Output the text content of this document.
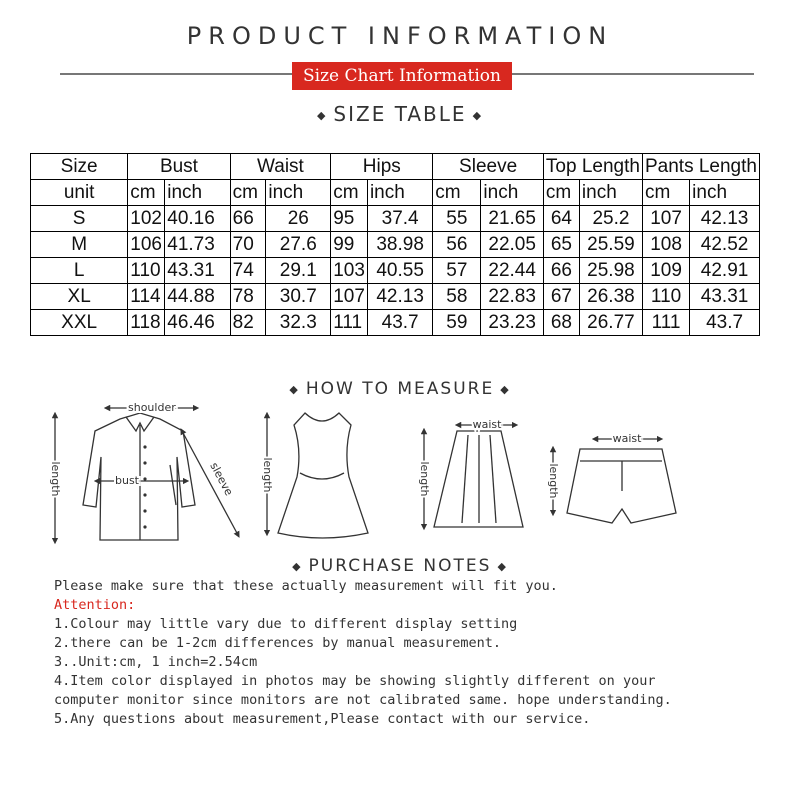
PRODUCT INFORMATION
Size Chart Information
◆ SIZE TABLE ◆
Size	Bust		Waist		Hips		Sleeve		Top Length		Pants Length	
unit	cm	inch	cm	inch	cm	inch	cm	inch	cm	inch	cm	inch
S	102	40.16	66	26	95	37.4	55	21.65	64	25.2	107	42.13
M	106	41.73	70	27.6	99	38.98	56	22.05	65	25.59	108	42.52
L	110	43.31	74	29.1	103	40.55	57	22.44	66	25.98	109	42.91
XL	114	44.88	78	30.7	107	42.13	58	22.83	67	26.38	110	43.31
XXL	118	46.46	82	32.3	111	43.7	59	23.23	68	26.77	111	43.7
◆ HOW TO MEASURE ◆
shoulder
bust	sleeve
length	length
waist
length
waist
length
◆ PURCHASE NOTES ◆
Please make sure that these actually measurement will fit you.
Attention:
1.Colour may little vary due to different display setting
2.there can be 1-2cm differences by manual measurement.
3..Unit:cm, 1 inch=2.54cm
4.Item color displayed in photos may be showing slightly different on your
computer monitor since monitors are not calibrated same. hope understanding.
5.Any questions about measurement,Please contact with our service.
